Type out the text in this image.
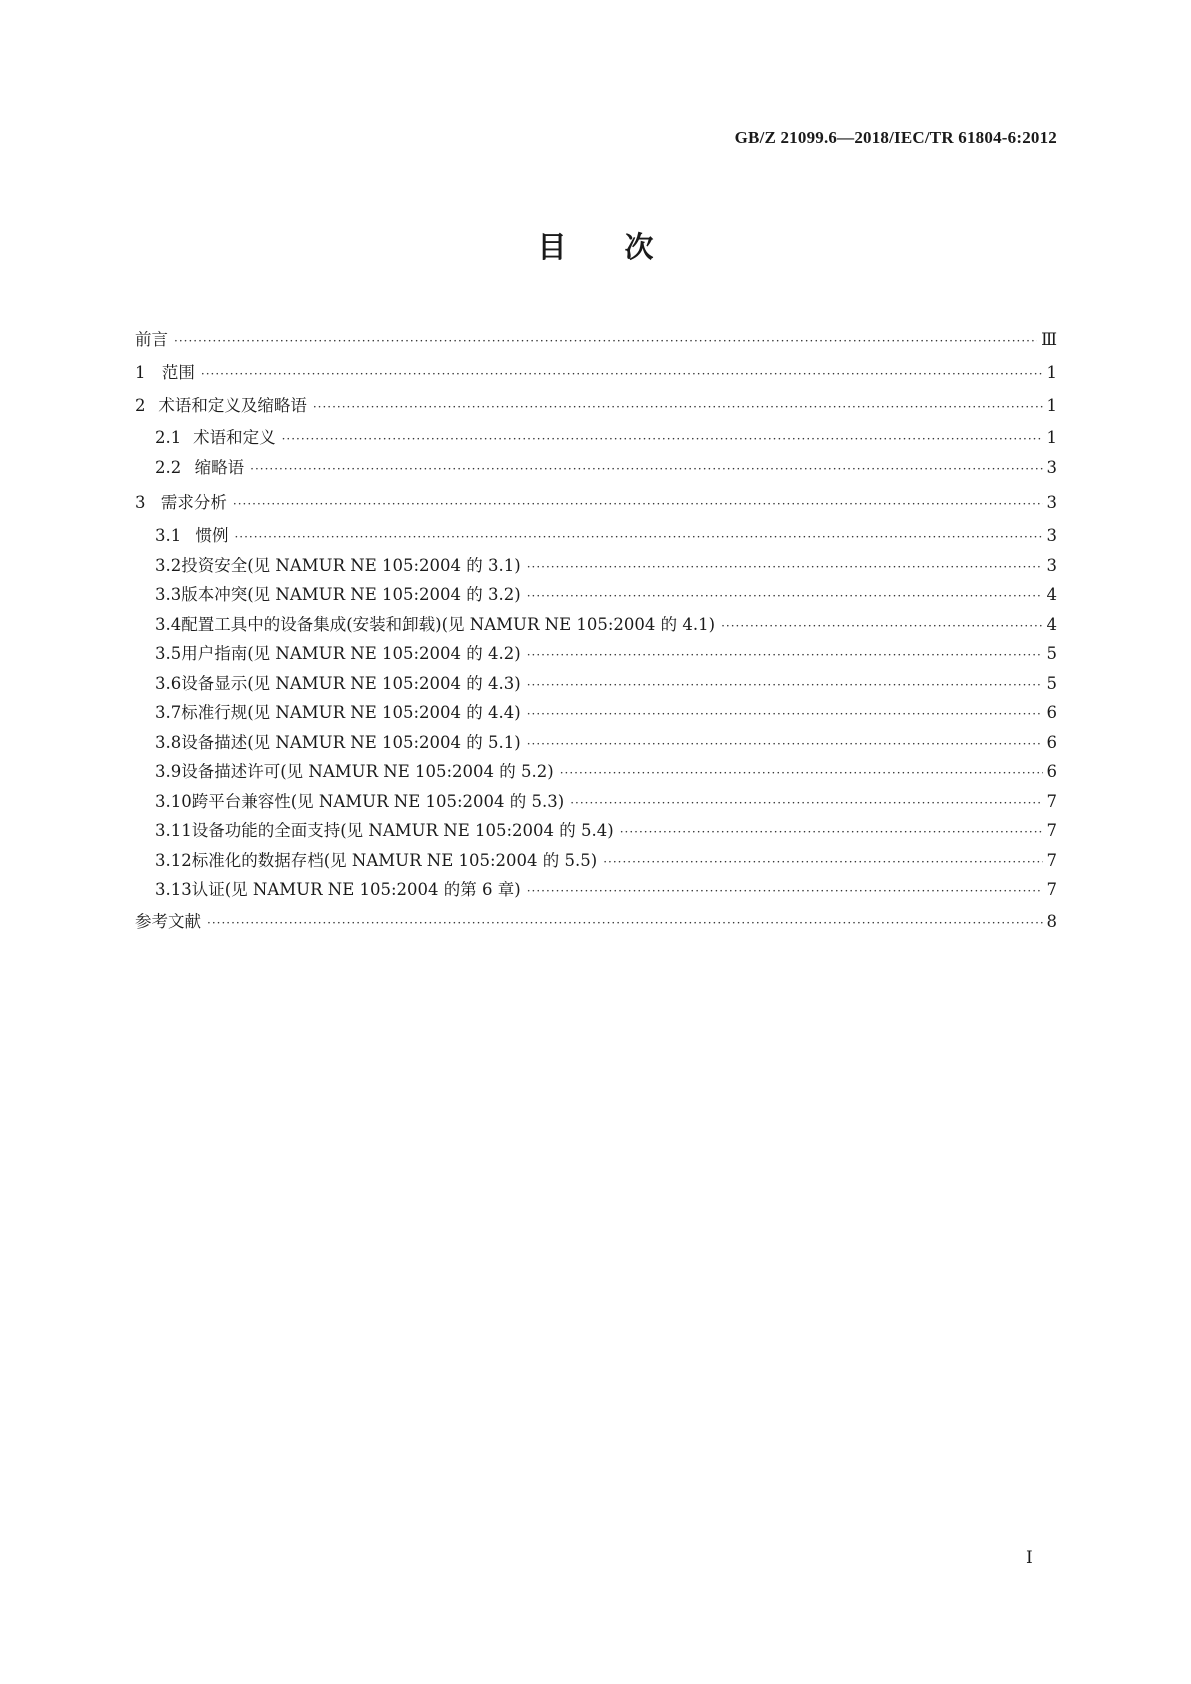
GB/Z 21099.6—2018/IEC/TR 61804-6:2012
目次
前言 ·····	Ⅲ
1 范围 ·····	1
2 术语和定义及缩略语 ·····	1
2.1 术语和定义 ·····	1
2.2 缩略语 ·····	3
3 需求分析 ·····	3
3.1 惯例 ·····	3
3.2 投资安全(见 NAMUR NE 105:2004 的 3.1) ·····	3
3.3 版本冲突(见 NAMUR NE 105:2004 的 3.2) ·····	4
3.4 配置工具中的设备集成(安装和卸载)(见 NAMUR NE 105:2004 的 4.1) ·····	4
3.5 用户指南(见 NAMUR NE 105:2004 的 4.2) ·····	5
3.6 设备显示(见 NAMUR NE 105:2004 的 4.3) ·····	5
3.7 标准行规(见 NAMUR NE 105:2004 的 4.4) ·····	6
3.8 设备描述(见 NAMUR NE 105:2004 的 5.1) ·····	6
3.9 设备描述许可(见 NAMUR NE 105:2004 的 5.2) ·····	6
3.10 跨平台兼容性(见 NAMUR NE 105:2004 的 5.3) ·····	7
3.11 设备功能的全面支持(见 NAMUR NE 105:2004 的 5.4) ·····	7
3.12 标准化的数据存档(见 NAMUR NE 105:2004 的 5.5) ·····	7
3.13 认证(见 NAMUR NE 105:2004 的第 6 章) ·····	7
参考文献 ·····	8
I
